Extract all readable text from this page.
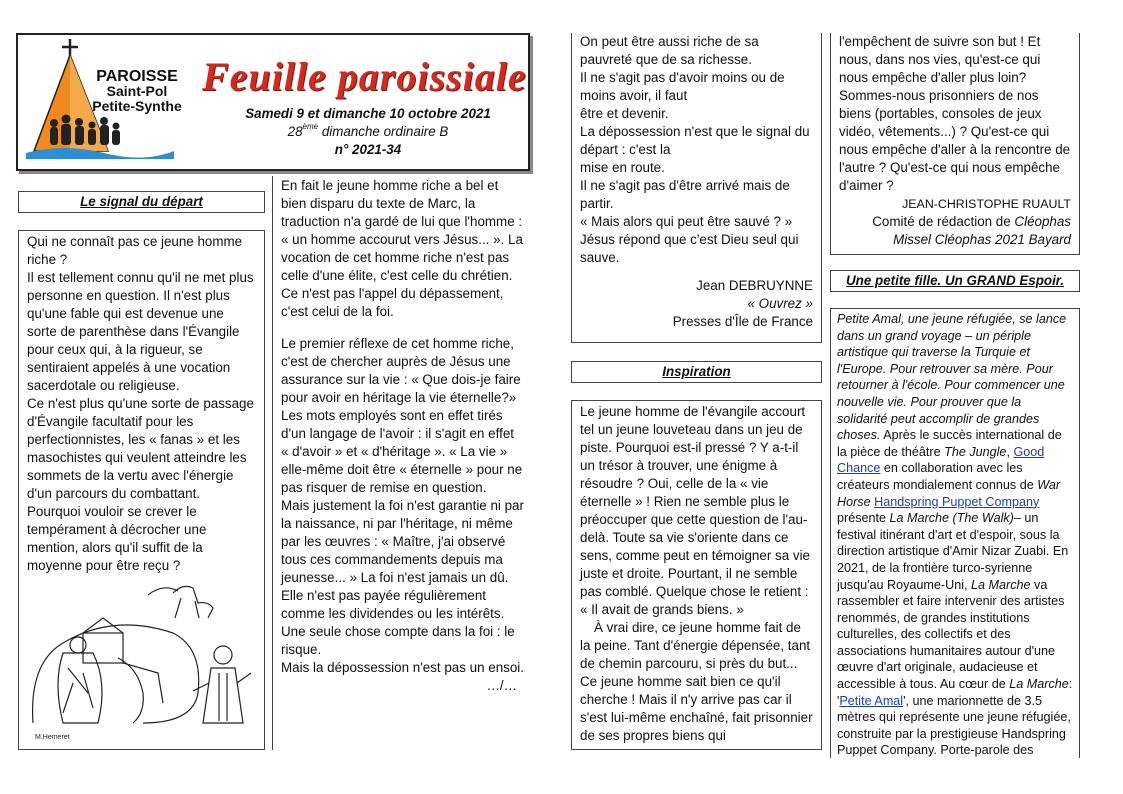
PAROISSE
Saint-Pol
Petite-Synthe
Feuille paroissiale
Samedi 9 et dimanche 10 octobre 2021
28ème dimanche ordinaire B
n° 2021-34
Le signal du départ
Qui ne connaît pas ce jeune homme riche ?
Il est tellement connu qu'il ne met plus personne en question. Il n'est plus qu'une fable qui est devenue une sorte de parenthèse dans l'Évangile pour ceux qui, à la rigueur, se sentiraient appelés à une vocation sacerdotale ou religieuse.
Ce n'est plus qu'une sorte de passage d'Évangile facultatif pour les perfectionnistes, les « fanas » et les masochistes qui veulent atteindre les sommets de la vertu avec l'énergie d'un parcours du combattant. Pourquoi vouloir se crever le tempérament à décrocher une mention, alors qu'il suffit de la moyenne pour être reçu ?
M.Hemeret

En fait le jeune homme riche a bel et bien disparu du texte de Marc, la traduction n'a gardé de lui que l'homme : « un homme accourut vers Jésus... ». La vocation de cet homme riche n'est pas celle d'une élite, c'est celle du chrétien.
Ce n'est pas l'appel du dépassement, c'est celui de la foi.

Le premier réflexe de cet homme riche, c'est de chercher auprès de Jésus une assurance sur la vie : « Que dois-je faire pour avoir en héritage la vie éternelle?» Les mots employés sont en effet tirés d'un langage de l'avoir : il s'agit en effet « d'avoir » et « d'héritage ». « La vie » elle-même doit être « éternelle » pour ne pas risquer de remise en question.
Mais justement la foi n'est garantie ni par la naissance, ni par l'héritage, ni même par les œuvres : « Maître, j'ai observé tous ces commandements depuis ma jeunesse... » La foi n'est jamais un dû. Elle n'est pas payée régulièrement comme les dividendes ou les intérêts. Une seule chose compte dans la foi : le risque.
Mais la dépossession n'est pas un ensoi.

…/…

On peut être aussi riche de sa pauvreté que de sa richesse.
Il ne s'agit pas d'avoir moins ou de moins avoir, il faut
être et devenir.
La dépossession n'est que le signal du départ : c'est la
mise en route.
Il ne s'agit pas d'être arrivé mais de partir.
« Mais alors qui peut être sauvé ? » Jésus répond que c'est Dieu seul qui sauve.

Jean DEBRUYNNE

« Ouvrez »

Presses d'Île de France

Inspiration

Le jeune homme de l'évangile accourt tel un jeune louveteau dans un jeu de piste. Pourquoi est-il pressé ? Y a-t-il un trésor à trouver, une énigme à résoudre ? Oui, celle de la « vie éternelle » ! Rien ne semble plus le préoccuper que cette question de l'au-delà. Toute sa vie s'oriente dans ce sens, comme peut en témoigner sa vie juste et droite. Pourtant, il ne semble pas comblé. Quelque chose le retient : « Il avait de grands biens. »

À vrai dire, ce jeune homme fait de la peine. Tant d'énergie dépensée, tant de chemin parcouru, si près du but... Ce jeune homme sait bien ce qu'il cherche ! Mais il n'y arrive pas car il s'est lui-même enchaîné, fait prisonnier de ses propres biens qui

l'empêchent de suivre son but ! Et nous, dans nos vies, qu'est-ce qui nous empêche d'aller plus loin? Sommes-nous prisonniers de nos biens (portables, consoles de jeux vidéo, vêtements...) ? Qu'est-ce qui nous empêche d'aller à la rencontre de l'autre ? Qu'est-ce qui nous empêche d'aimer ?

JEAN-CHRISTOPHE RUAULT

Comité de rédaction de Cléophas

Missel Cléophas 2021 Bayard

Une petite fille. Un GRAND Espoir.
Petite Amal, une jeune réfugiée, se lance dans un grand voyage – un périple artistique qui traverse la Turquie et l'Europe. Pour retrouver sa mère. Pour retourner à l'école. Pour commencer une nouvelle vie. Pour prouver que la solidarité peut accomplir de grandes choses. Après le succès international de la pièce de théâtre The Jungle, Good Chance en collaboration avec les créateurs mondialement connus de War Horse Handspring Puppet Company présente La Marche (The Walk)– un festival itinérant d'art et d'espoir, sous la direction artistique d'Amir Nizar Zuabi. En 2021, de la frontière turco-syrienne jusqu'au Royaume-Uni, La Marche va rassembler et faire intervenir des artistes renommés, de grandes institutions culturelles, des collectifs et des associations humanitaires autour d'une œuvre d'art originale, audacieuse et accessible à tous. Au cœur de La Marche: 'Petite Amal', une marionnette de 3.5 mètres qui représente une jeune réfugiée, construite par la prestigieuse Handspring Puppet Company. Porte-parole des
